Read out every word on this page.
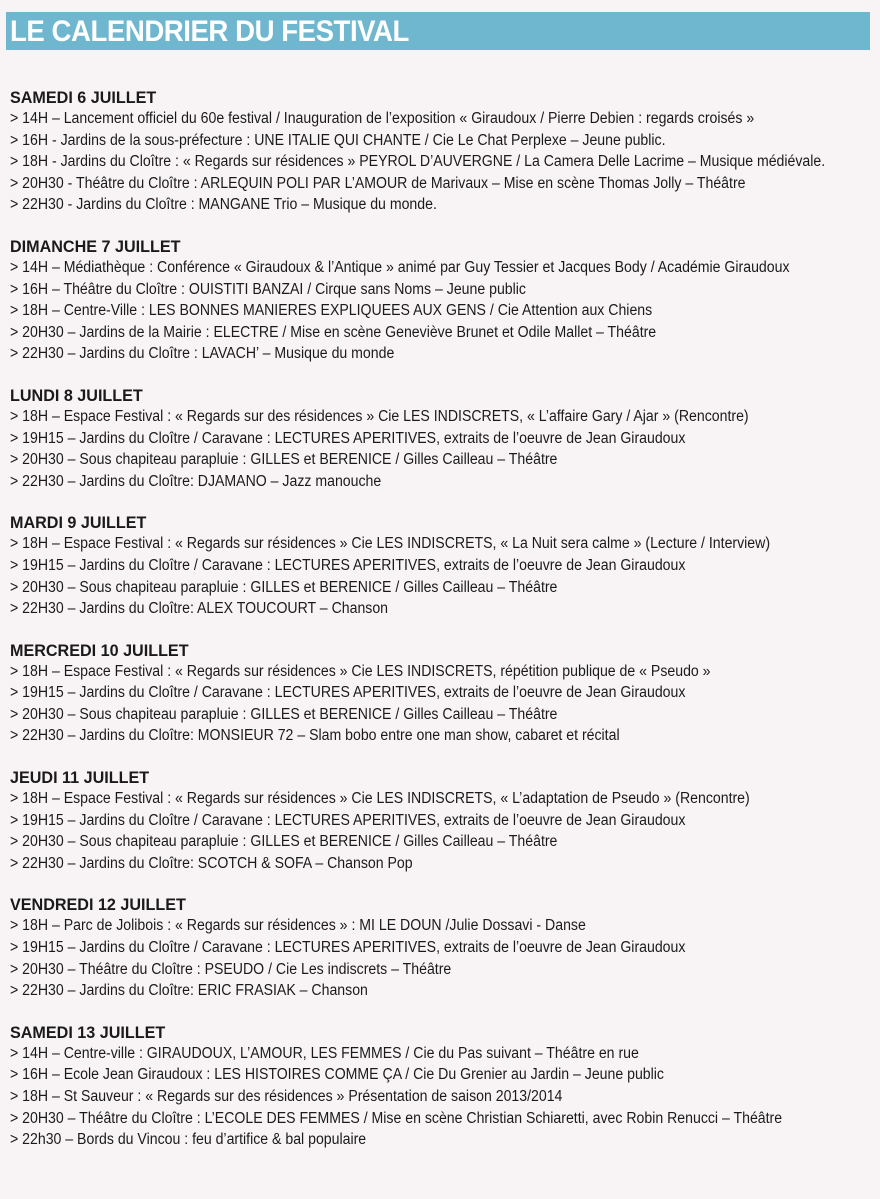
LE CALENDRIER DU FESTIVAL
SAMEDI 6 JUILLET
> 14H – Lancement officiel du 60e festival / Inauguration de l’exposition « Giraudoux / Pierre Debien : regards croisés »
> 16H - Jardins de la sous-préfecture : UNE ITALIE QUI CHANTE / Cie Le Chat Perplexe – Jeune public.
> 18H - Jardins du Cloître : « Regards sur résidences » PEYROL D’AUVERGNE / La Camera Delle Lacrime – Musique médiévale.
> 20H30 - Théâtre du Cloître : ARLEQUIN POLI PAR L’AMOUR de Marivaux – Mise en scène Thomas Jolly – Théâtre
> 22H30 - Jardins du Cloître : MANGANE Trio – Musique du monde.
DIMANCHE 7 JUILLET
> 14H – Médiathèque : Conférence « Giraudoux & l’Antique » animé par Guy Tessier et Jacques Body / Académie Giraudoux
> 16H – Théâtre du Cloître : OUISTITI BANZAI / Cirque sans Noms – Jeune public
> 18H – Centre-Ville : LES BONNES MANIERES EXPLIQUEES AUX GENS / Cie Attention aux Chiens
> 20H30 – Jardins de la Mairie : ELECTRE / Mise en scène Geneviève Brunet et Odile Mallet – Théâtre
> 22H30 – Jardins du Cloître : LAVACH’ – Musique du monde
LUNDI 8 JUILLET
> 18H – Espace Festival : « Regards sur des résidences » Cie LES INDISCRETS, « L’affaire Gary / Ajar » (Rencontre)
> 19H15 – Jardins du Cloître / Caravane : LECTURES APERITIVES, extraits de l’oeuvre de Jean Giraudoux
> 20H30 – Sous chapiteau parapluie : GILLES et BERENICE / Gilles Cailleau – Théâtre
> 22H30 – Jardins du Cloître: DJAMANO – Jazz manouche
MARDI 9 JUILLET
> 18H – Espace Festival : « Regards sur résidences » Cie LES INDISCRETS, « La Nuit sera calme » (Lecture / Interview)
> 19H15 – Jardins du Cloître / Caravane : LECTURES APERITIVES, extraits de l’oeuvre de Jean Giraudoux
> 20H30 – Sous chapiteau parapluie : GILLES et BERENICE / Gilles Cailleau – Théâtre
> 22H30 – Jardins du Cloître: ALEX TOUCOURT – Chanson
MERCREDI 10 JUILLET
> 18H – Espace Festival : « Regards sur résidences » Cie LES INDISCRETS, répétition publique de « Pseudo »
> 19H15 – Jardins du Cloître / Caravane : LECTURES APERITIVES, extraits de l’oeuvre de Jean Giraudoux
> 20H30 – Sous chapiteau parapluie : GILLES et BERENICE / Gilles Cailleau – Théâtre
> 22H30 – Jardins du Cloître: MONSIEUR 72 – Slam bobo entre one man show, cabaret et récital
JEUDI 11 JUILLET
> 18H – Espace Festival : « Regards sur résidences » Cie LES INDISCRETS, « L’adaptation de Pseudo » (Rencontre)
> 19H15 – Jardins du Cloître / Caravane : LECTURES APERITIVES, extraits de l’oeuvre de Jean Giraudoux
> 20H30 – Sous chapiteau parapluie : GILLES et BERENICE / Gilles Cailleau – Théâtre
> 22H30 – Jardins du Cloître: SCOTCH & SOFA – Chanson Pop
VENDREDI 12 JUILLET
> 18H – Parc de Jolibois : « Regards sur résidences » : MI LE DOUN /Julie Dossavi - Danse
> 19H15 – Jardins du Cloître / Caravane : LECTURES APERITIVES, extraits de l’oeuvre de Jean Giraudoux
> 20H30 – Théâtre du Cloître : PSEUDO / Cie Les indiscrets – Théâtre
> 22H30 – Jardins du Cloître: ERIC FRASIAK – Chanson
SAMEDI 13 JUILLET
> 14H – Centre-ville : GIRAUDOUX, L’AMOUR, LES FEMMES / Cie du Pas suivant – Théâtre en rue
> 16H – Ecole Jean Giraudoux : LES HISTOIRES COMME ÇA / Cie Du Grenier au Jardin – Jeune public
> 18H – St Sauveur : « Regards sur des résidences » Présentation de saison 2013/2014
> 20H30 – Théâtre du Cloître : L’ECOLE DES FEMMES / Mise en scène Christian Schiaretti, avec Robin Renucci – Théâtre
> 22h30 – Bords du Vincou : feu d’artifice & bal populaire
